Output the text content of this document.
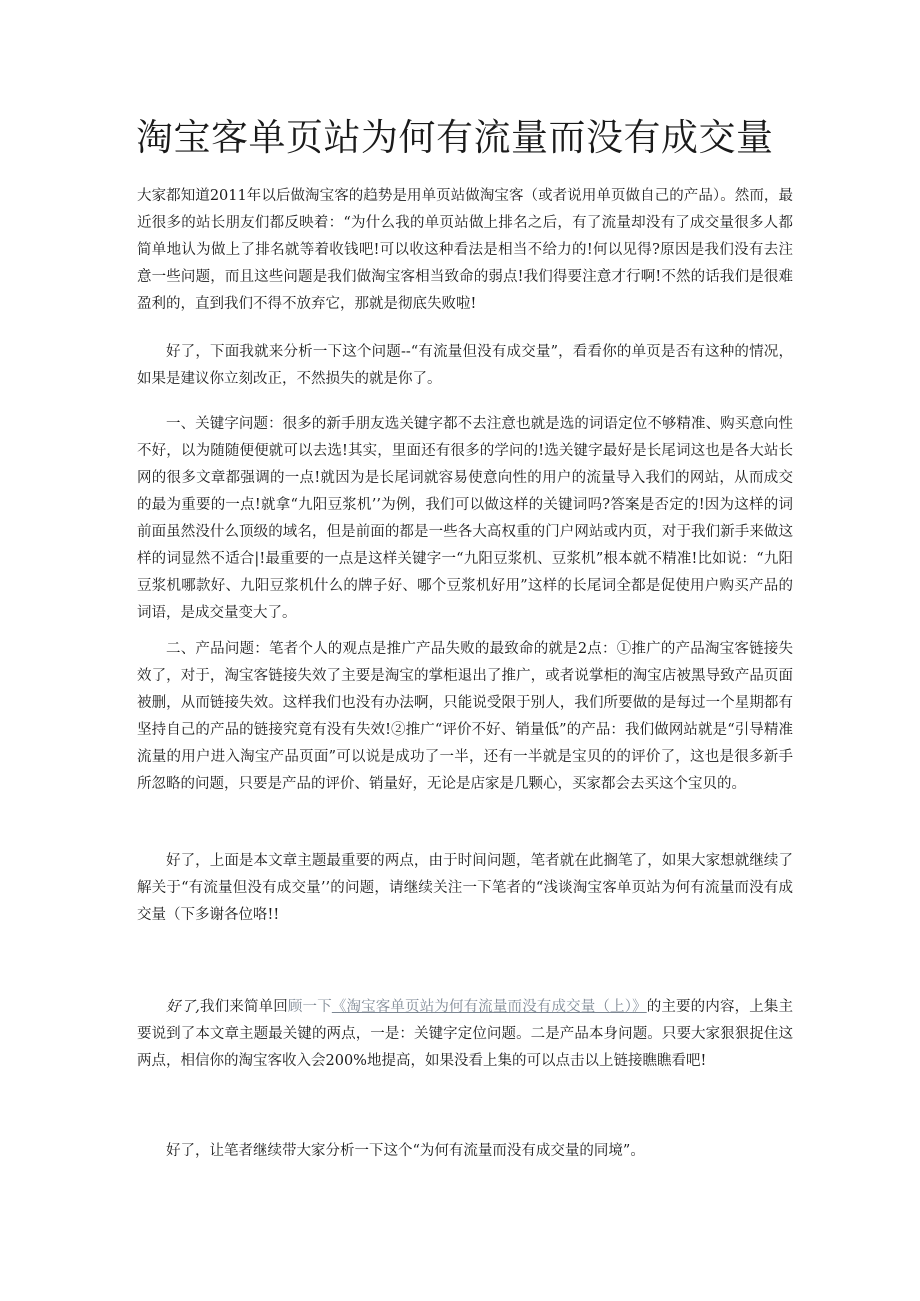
淘宝客单页站为何有流量而没有成交量

大家都知道2011年以后做淘宝客的趋势是用单页站做淘宝客（或者说用单页做自己的产品）。然而，最近很多的站长朋友们都反映着：“为什么我的单页站做上排名之后，有了流量却没有了成交量很多人都简单地认为做上了排名就等着收钱吧!可以收这种看法是相当不给力的!何以见得?原因是我们没有去注意一些问题，而且这些问题是我们做淘宝客相当致命的弱点!我们得要注意才行啊!不然的话我们是很难盈利的，直到我们不得不放弃它，那就是彻底失败啦!

好了，下面我就来分析一下这个问题--“有流量但没有成交量”，看看你的单页是否有这种的情况，如果是建议你立刻改正，不然损失的就是你了。

一、关键字问题：很多的新手朋友选关键字都不去注意也就是选的词语定位不够精准、购买意向性不好，以为随随便便就可以去选!其实，里面还有很多的学问的!选关键字最好是长尾词这也是各大站长网的很多文章都强调的一点!就因为是长尾词就容易使意向性的用户的流量导入我们的网站，从而成交的最为重要的一点!就拿“九阳豆浆机’’为例，我们可以做这样的关键词吗?答案是否定的!因为这样的词前面虽然没什么顶级的域名，但是前面的都是一些各大高权重的门户网站或内页，对于我们新手来做这样的词显然不适合|!最重要的一点是这样关键字一“九阳豆浆机、豆浆机”根本就不精准!比如说：“九阳豆浆机哪款好、九阳豆浆机什么的牌子好、哪个豆浆机好用”这样的长尾词全都是促使用户购买产品的词语，是成交量变大了。

二、产品问题：笔者个人的观点是推广产品失败的最致命的就是2点：①推广的产品淘宝客链接失效了，对于，淘宝客链接失效了主要是淘宝的掌柜退出了推广，或者说掌柜的淘宝店被黑导致产品页面被删，从而链接失效。这样我们也没有办法啊，只能说受限于别人，我们所要做的是每过一个星期都有坚持自己的产品的链接究竟有没有失效!②推广“评价不好、销量低”的产品：我们做网站就是“引导精准流量的用户进入淘宝产品页面”可以说是成功了一半，还有一半就是宝贝的的评价了，这也是很多新手所忽略的问题，只要是产品的评价、销量好，无论是店家是几颗心，买家都会去买这个宝贝的。

好了，上面是本文章主题最重要的两点，由于时间问题，笔者就在此搁笔了，如果大家想就继续了解关于“有流量但没有成交量’’的问题，请继续关注一下笔者的“浅谈淘宝客单页站为何有流量而没有成交量（下多谢各位咯!!

好了,我们来简单回顾一下《淘宝客单页站为何有流量而没有成交量（上）》的主要的内容，上集主要说到了本文章主题最关键的两点，一是：关键字定位问题。二是产品本身问题。只要大家狠狠捉住这两点，相信你的淘宝客收入会200%地提高，如果没看上集的可以点击以上链接瞧瞧看吧!

好了，让笔者继续带大家分析一下这个“为何有流量而没有成交量的同境”。
